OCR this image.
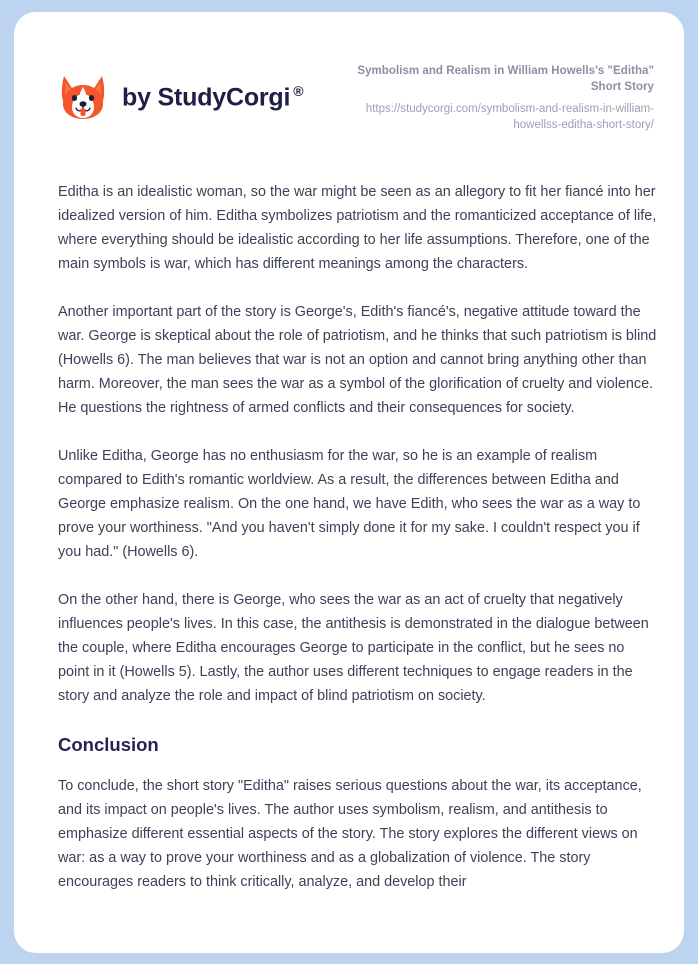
by StudyCorgi ®
Symbolism and Realism in William Howells's "Editha" Short Story
https://studycorgi.com/symbolism-and-realism-in-william-howellss-editha-short-story/

Editha is an idealistic woman, so the war might be seen as an allegory to fit her fiancé into her idealized version of him. Editha symbolizes patriotism and the romanticized acceptance of life, where everything should be idealistic according to her life assumptions. Therefore, one of the main symbols is war, which has different meanings among the characters.

Another important part of the story is George's, Edith's fiancé's, negative attitude toward the war. George is skeptical about the role of patriotism, and he thinks that such patriotism is blind (Howells 6). The man believes that war is not an option and cannot bring anything other than harm. Moreover, the man sees the war as a symbol of the glorification of cruelty and violence. He questions the rightness of armed conflicts and their consequences for society.

Unlike Editha, George has no enthusiasm for the war, so he is an example of realism compared to Edith's romantic worldview. As a result, the differences between Editha and George emphasize realism. On the one hand, we have Edith, who sees the war as a way to prove your worthiness. "And you haven't simply done it for my sake. I couldn't respect you if you had." (Howells 6).

On the other hand, there is George, who sees the war as an act of cruelty that negatively influences people's lives. In this case, the antithesis is demonstrated in the dialogue between the couple, where Editha encourages George to participate in the conflict, but he sees no point in it (Howells 5). Lastly, the author uses different techniques to engage readers in the story and analyze the role and impact of blind patriotism on society.

Conclusion

To conclude, the short story "Editha" raises serious questions about the war, its acceptance, and its impact on people's lives. The author uses symbolism, realism, and antithesis to emphasize different essential aspects of the story. The story explores the different views on war: as a way to prove your worthiness and as a globalization of violence. The story encourages readers to think critically, analyze, and develop their
